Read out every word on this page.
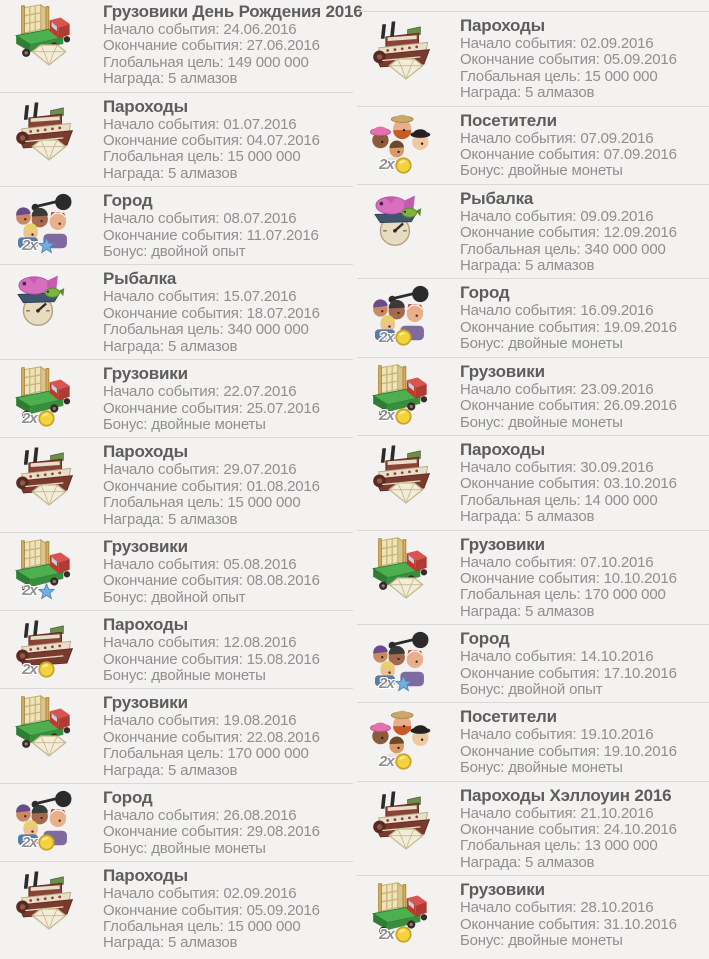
Грузовики День Рождения 2016
Начало события: 24.06.2016
Окончание события: 27.06.2016
Глобальная цель: 149 000 000
Награда: 5 алмазов
Пароходы
Начало события: 01.07.2016
Окончание события: 04.07.2016
Глобальная цель: 15 000 000
Награда: 5 алмазов
2x
Город
Начало события: 08.07.2016
Окончание события: 11.07.2016
Бонус: двойной опыт
Рыбалка
Начало события: 15.07.2016
Окончание события: 18.07.2016
Глобальная цель: 340 000 000
Награда: 5 алмазов
2x
Грузовики
Начало события: 22.07.2016
Окончание события: 25.07.2016
Бонус: двойные монеты
Пароходы
Начало события: 29.07.2016
Окончание события: 01.08.2016
Глобальная цель: 15 000 000
Награда: 5 алмазов
2x
Грузовики
Начало события: 05.08.2016
Окончание события: 08.08.2016
Бонус: двойной опыт
2x
Пароходы
Начало события: 12.08.2016
Окончание события: 15.08.2016
Бонус: двойные монеты
Грузовики
Начало события: 19.08.2016
Окончание события: 22.08.2016
Глобальная цель: 170 000 000
Награда: 5 алмазов
2x
Город
Начало события: 26.08.2016
Окончание события: 29.08.2016
Бонус: двойные монеты
Пароходы
Начало события: 02.09.2016
Окончание события: 05.09.2016
Глобальная цель: 15 000 000
Награда: 5 алмазов
Пароходы
Начало события: 02.09.2016
Окончание события: 05.09.2016
Глобальная цель: 15 000 000
Награда: 5 алмазов
2x
Посетители
Начало события: 07.09.2016
Окончание события: 07.09.2016
Бонус: двойные монеты
Рыбалка
Начало события: 09.09.2016
Окончание события: 12.09.2016
Глобальная цель: 340 000 000
Награда: 5 алмазов
2x
Город
Начало события: 16.09.2016
Окончание события: 19.09.2016
Бонус: двойные монеты
2x
Грузовики
Начало события: 23.09.2016
Окончание события: 26.09.2016
Бонус: двойные монеты
Пароходы
Начало события: 30.09.2016
Окончание события: 03.10.2016
Глобальная цель: 14 000 000
Награда: 5 алмазов
Грузовики
Начало события: 07.10.2016
Окончание события: 10.10.2016
Глобальная цель: 170 000 000
Награда: 5 алмазов
2x
Город
Начало события: 14.10.2016
Окончание события: 17.10.2016
Бонус: двойной опыт
2x
Посетители
Начало события: 19.10.2016
Окончание события: 19.10.2016
Бонус: двойные монеты
Пароходы Хэллоуин 2016
Начало события: 21.10.2016
Окончание события: 24.10.2016
Глобальная цель: 13 000 000
Награда: 5 алмазов
2x
Грузовики
Начало события: 28.10.2016
Окончание события: 31.10.2016
Бонус: двойные монеты
